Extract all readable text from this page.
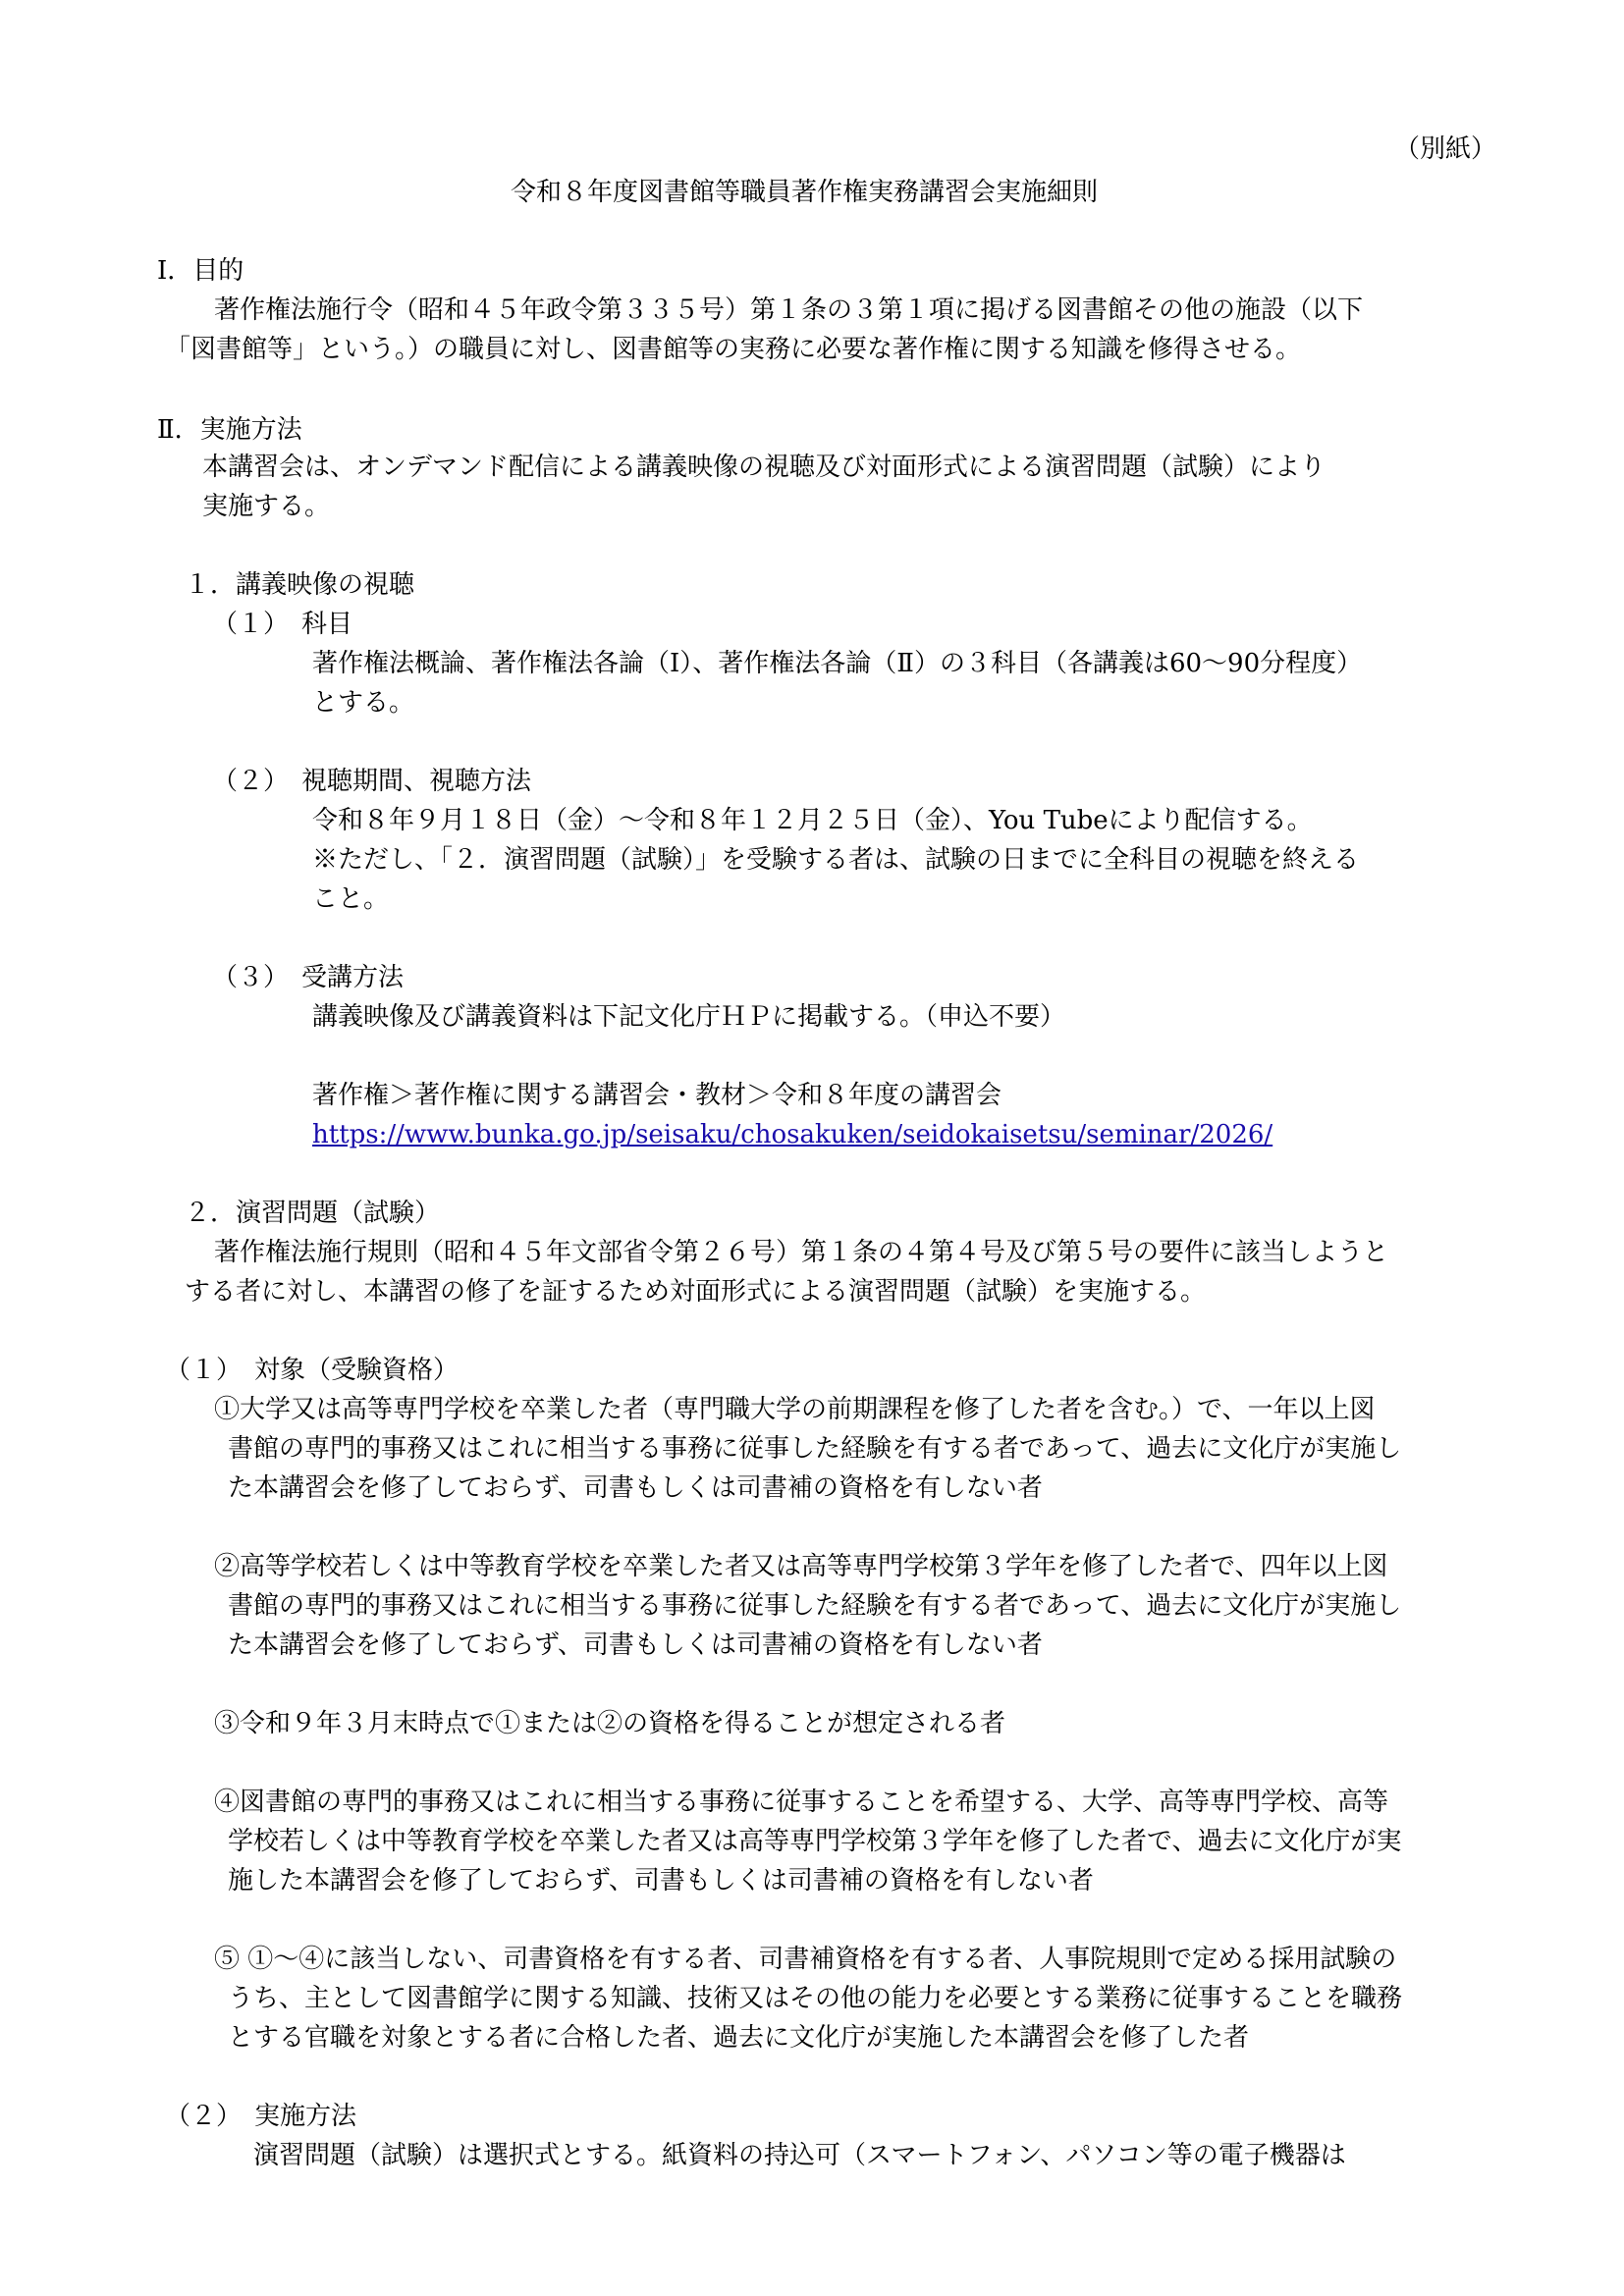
（別紙）

令和８年度図書館等職員著作権実務講習会実施細則

Ⅰ．目的

著作権法施行令（昭和４５年政令第３３５号）第１条の３第１項に掲げる図書館その他の施設（以下

「図書館等」という。）の職員に対し、図書館等の実務に必要な著作権に関する知識を修得させる。

Ⅱ．実施方法

本講習会は、オンデマンド配信による講義映像の視聴及び対面形式による演習問題（試験）により

実施する。

１．講義映像の視聴

（１）　科目

著作権法概論、著作権法各論（Ⅰ）、著作権法各論（Ⅱ）の３科目（各講義は60～90分程度）

とする。

（２）　視聴期間、視聴方法

令和８年９月１８日（金）～令和８年１２月２５日（金）、You Tubeにより配信する。

※ただし、「２．演習問題（試験）」を受験する者は、試験の日までに全科目の視聴を終える

こと。

（３）　受講方法

講義映像及び講義資料は下記文化庁ＨＰに掲載する。（申込不要）

著作権＞著作権に関する講習会・教材＞令和８年度の講習会

https://www.bunka.go.jp/seisaku/chosakuken/seidokaisetsu/seminar/2026/

２．演習問題（試験）

著作権法施行規則（昭和４５年文部省令第２６号）第１条の４第４号及び第５号の要件に該当しようと

する者に対し、本講習の修了を証するため対面形式による演習問題（試験）を実施する。

（１）　対象（受験資格）

①大学又は高等専門学校を卒業した者（専門職大学の前期課程を修了した者を含む。）で、一年以上図

書館の専門的事務又はこれに相当する事務に従事した経験を有する者であって、過去に文化庁が実施し

た本講習会を修了しておらず、司書もしくは司書補の資格を有しない者

②高等学校若しくは中等教育学校を卒業した者又は高等専門学校第３学年を修了した者で、四年以上図

書館の専門的事務又はこれに相当する事務に従事した経験を有する者であって、過去に文化庁が実施し

た本講習会を修了しておらず、司書もしくは司書補の資格を有しない者

③令和９年３月末時点で①または②の資格を得ることが想定される者

④図書館の専門的事務又はこれに相当する事務に従事することを希望する、大学、高等専門学校、高等

学校若しくは中等教育学校を卒業した者又は高等専門学校第３学年を修了した者で、過去に文化庁が実

施した本講習会を修了しておらず、司書もしくは司書補の資格を有しない者

⑤ ①～④に該当しない、司書資格を有する者、司書補資格を有する者、人事院規則で定める採用試験の

うち、主として図書館学に関する知識、技術又はその他の能力を必要とする業務に従事することを職務

とする官職を対象とする者に合格した者、過去に文化庁が実施した本講習会を修了した者

（２）　実施方法

演習問題（試験）は選択式とする。紙資料の持込可（スマートフォン、パソコン等の電子機器は
